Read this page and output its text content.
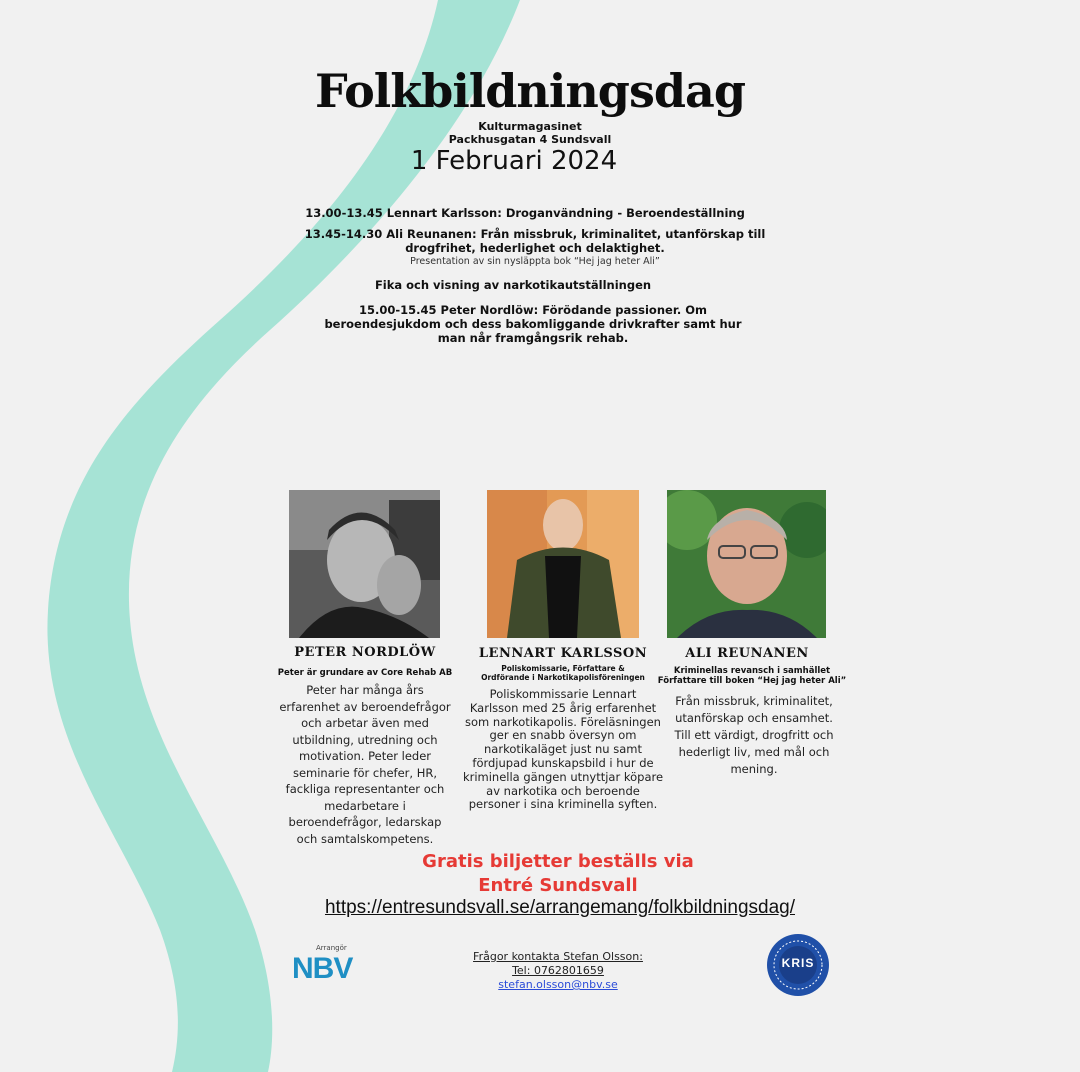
Folkbildningsdag
Kulturmagasinet
Packhusgatan 4 Sundsvall
1 Februari 2024
13.00-13.45 Lennart Karlsson: Droganvändning - Beroendeställning
13.45-14.30 Ali Reunanen: Från missbruk, kriminalitet, utanförskap till
drogfrihet, hederlighet och delaktighet.
Presentation av sin nysläppta bok “Hej jag heter Ali”
Fika och visning av narkotikautställningen
15.00-15.45 Peter Nordlöw: Förödande passioner. Om
beroendesjukdom och dess bakomliggande drivkrafter samt hur
man når framgångsrik rehab.
PETER NORDLÖW
Peter är grundare av Core Rehab AB
LENNART KARLSSON
Poliskomissarie, Författare &
Ordförande i Narkotikapolisföreningen
ALI REUNANEN
Kriminellas revansch i samhället
Författare till boken “Hej jag heter Ali”
Peter har många års
erfarenhet av beroendefrågor
och arbetar även med
utbildning, utredning och
motivation. Peter leder
seminarie för chefer, HR,
fackliga representanter och
medarbetare i
beroendefrågor, ledarskap
och samtalskompetens.
Poliskommissarie Lennart
Karlsson med 25 årig erfarenhet
som narkotikapolis. Föreläsningen
ger en snabb översyn om
narkotikaläget just nu samt
fördjupad kunskapsbild i hur de
kriminella gängen utnyttjar köpare
av narkotika och beroende
personer i sina kriminella syften.
Från missbruk, kriminalitet,
utanförskap och ensamhet.
Till ett värdigt, drogfritt och
hederligt liv, med mål och
mening.
Gratis biljetter beställs via
Entré Sundsvall
https://entresundsvall.se/arrangemang/folkbildningsdag/
Arrangör
NBV	Frågor kontakta Stefan Olsson:
Tel: 0762801659
stefan.olsson@nbv.se
KRIS
